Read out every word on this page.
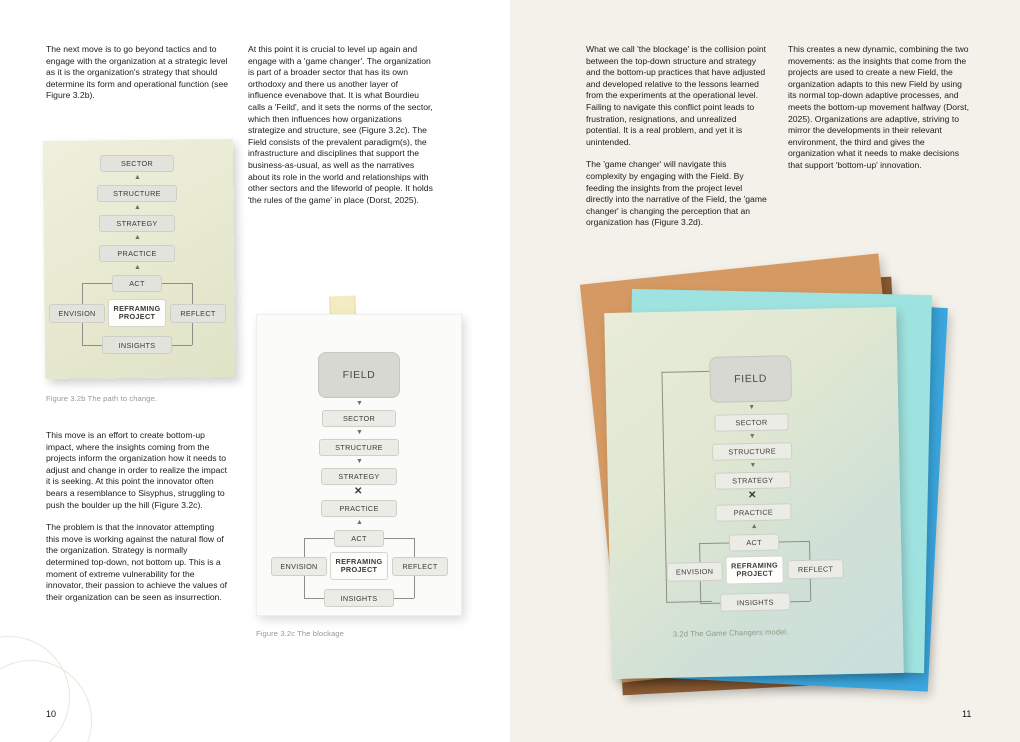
The next move is to go beyond tactics and to engage with the organization at a strategic level as it is the organization's strategy that should determine its form and operational function (see Figure 3.2b).

This move is an effort to create bottom-up impact, where the insights coming from the projects inform the organization how it needs to adjust and change in order to realize the impact it is seeking. At this point the innovator often bears a resemblance to Sisyphus, struggling to push the boulder up the hill (Figure 3.2c).

The problem is that the innovator attempting this move is working against the natural flow of the organization. Strategy is normally determined top-down, not bottom up. This is a moment of extreme vulnerability for the innovator, their passion to achieve the values of their organization can be seen as insurrection.

At this point it is crucial to level up again and engage with a 'game changer'. The organization is part of a broader sector that has its own orthodoxy and there us another layer of influence evenabove that. It is what Bourdieu calls a 'Feild', and it sets the norms of the sector, which then influences how organizations strategize and structure, see (Figure 3.2c). The Field consists of the prevalent paradigm(s), the infrastructure and disciplines that support the business-as-usual, as well as the narratives about its role in the world and relationships with other sectors and the lifeworld of people. It holds 'the rules of the game' in place (Dorst, 2025).

What we call 'the blockage' is the collision point between the top-down structure and strategy and the bottom-up practices that have adjusted and developed relative to the lessons learned from the experiments at the operational level. Failing to navigate this conflict point leads to frustration, resignations, and unrealized potential. It is a real problem, and yet it is unintended.

The 'game changer' will navigate this complexity by engaging with the Field. By feeding the insights from the project level directly into the narrative of the Field, the 'game changer' is changing the perception that an organization has (Figure 3.2d).

This creates a new dynamic, combining the two movements: as the insights that come from the projects are used to create a new Field, the organization adapts to this new Field by using its normal top-down adaptive processes, and meets the bottom-up movement halfway (Dorst, 2025). Organizations are adaptive, striving to mirror the developments in their relevant environment, the third and gives the organization what it needs to make decisions that support 'bottom-up' innovation.

SECTOR
▲
STRUCTURE
▲
STRATEGY
▲
PRACTICE
▲
ACT
ENVISION
REFRAMING
PROJECT	REFLECT
INSIGHTS
Figure 3.2b The path to change.
FIELD
▼
SECTOR
▼
STRUCTURE
▼
STRATEGY
✕
PRACTICE
▲
ACT
ENVISION
REFRAMING
PROJECT	REFLECT
INSIGHTS
Figure 3.2c The blockage
FIELD
▼
SECTOR
▼
STRUCTURE
▼
STRATEGY
✕
PRACTICE
▲
ACT
ENVISION
REFRAMING
PROJECT	REFLECT
INSIGHTS
3.2d The Game Changers model.
10	11
